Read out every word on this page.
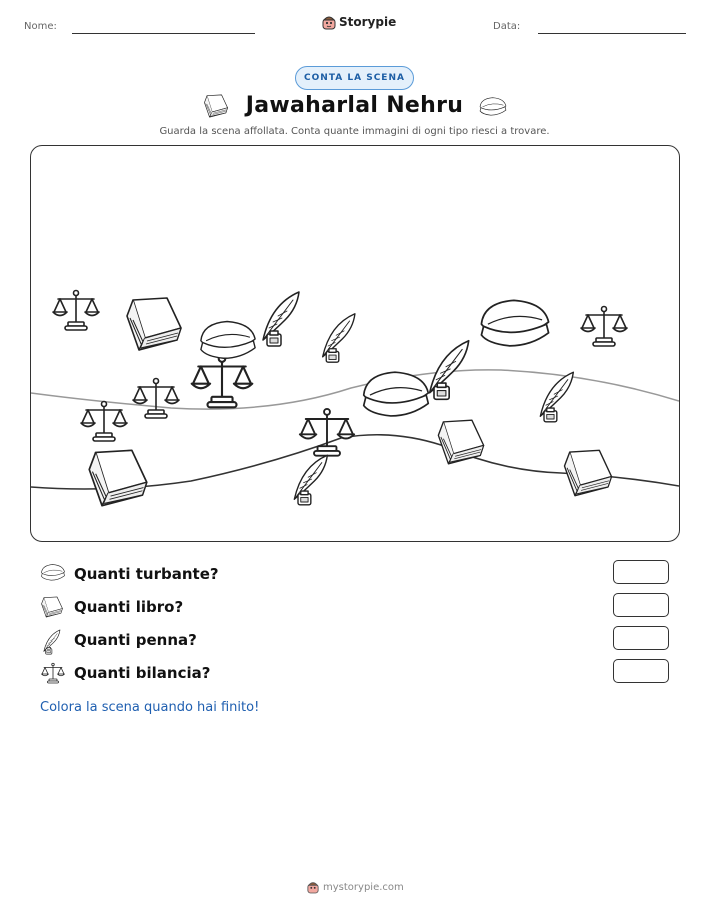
Nome:	Storypie	Data:
CONTA LA SCENA
Jawaharlal Nehru
Guarda la scena affollata. Conta quante immagini di ogni tipo riesci a trovare.
Quanti turbante?
Quanti libro?
Quanti penna?
Quanti bilancia?
Colora la scena quando hai finito!
mystorypie.com
